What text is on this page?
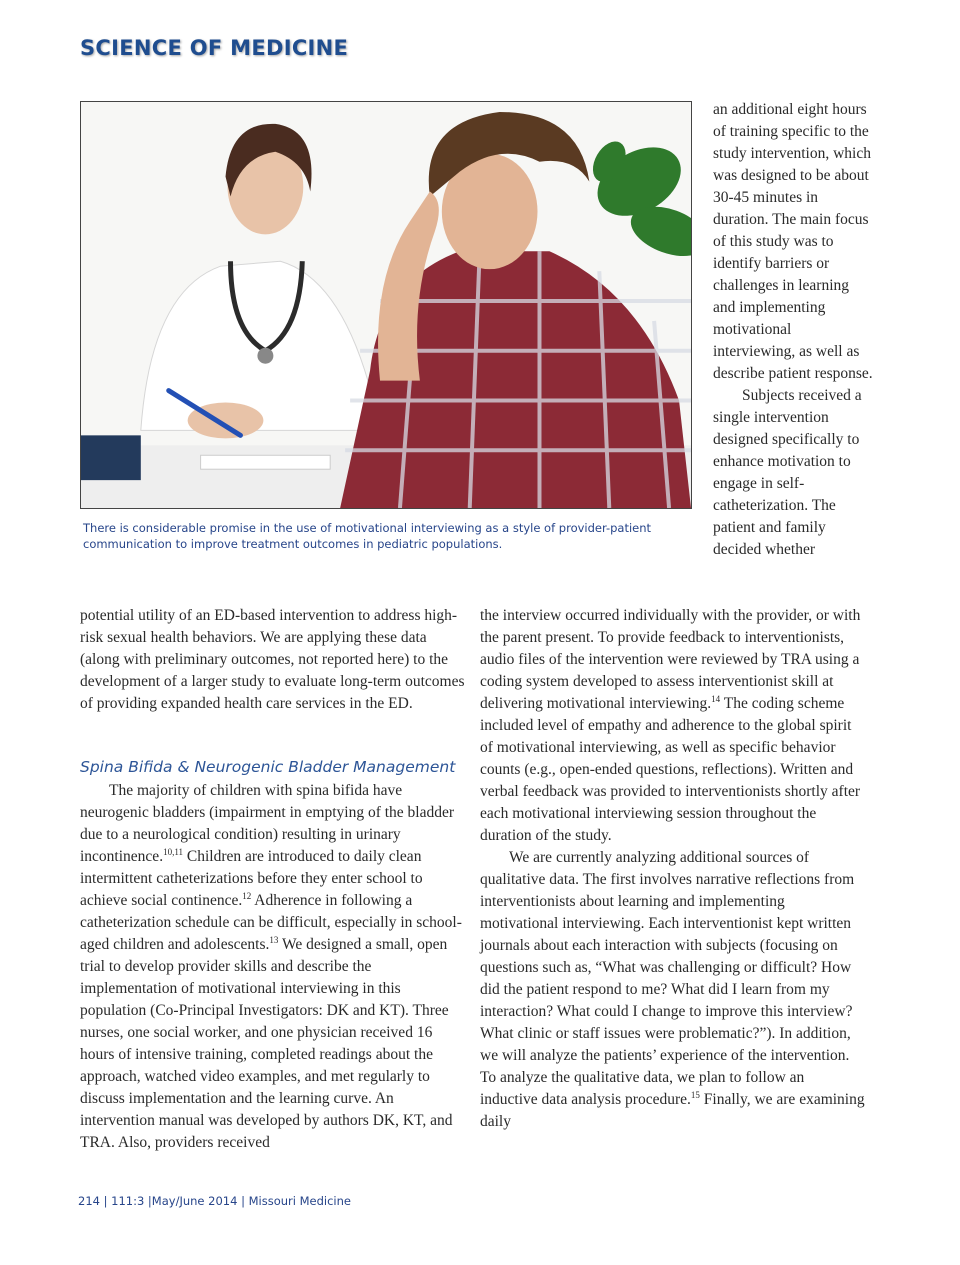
SCIENCE OF MEDICINE

There is considerable promise in the use of motivational interviewing as a style of provider-patient communication to improve treatment outcomes in pediatric populations.

an additional eight hours of training specific to the study intervention, which was designed to be about 30-45 minutes in duration. The main focus of this study was to identify barriers or challenges in learning and implementing motivational interviewing, as well as describe patient response.

Subjects received a single intervention designed specifically to enhance motivation to engage in self-catheterization. The patient and family decided whether

potential utility of an ED-based intervention to address high-risk sexual health behaviors. We are applying these data (along with preliminary outcomes, not reported here) to the development of a larger study to evaluate long-term outcomes of providing expanded health care services in the ED.

Spina Bifida & Neurogenic Bladder Management

The majority of children with spina bifida have neurogenic bladders (impairment in emptying of the bladder due to a neurological condition) resulting in urinary incontinence.$^{10,11}$ Children are introduced to daily clean intermittent catheterizations before they enter school to achieve social continence.$^{12}$ Adherence in following a catheterization schedule can be difficult, especially in school-aged children and adolescents.$^{13}$ We designed a small, open trial to develop provider skills and describe the implementation of motivational interviewing in this population (Co-Principal Investigators: DK and KT). Three nurses, one social worker, and one physician received 16 hours of intensive training, completed readings about the approach, watched video examples, and met regularly to discuss implementation and the learning curve. An intervention manual was developed by authors DK, KT, and TRA. Also, providers received

the interview occurred individually with the provider, or with the parent present. To provide feedback to interventionists, audio files of the intervention were reviewed by TRA using a coding system developed to assess interventionist skill at delivering motivational interviewing.$^{14}$ The coding scheme included level of empathy and adherence to the global spirit of motivational interviewing, as well as specific behavior counts (e.g., open-ended questions, reflections). Written and verbal feedback was provided to interventionists shortly after each motivational interviewing session throughout the duration of the study.

We are currently analyzing additional sources of qualitative data. The first involves narrative reflections from interventionists about learning and implementing motivational interviewing. Each interventionist kept written journals about each interaction with subjects (focusing on questions such as, “What was challenging or difficult? How did the patient respond to me? What did I learn from my interaction? What could I change to improve this interview? What clinic or staff issues were problematic?”). In addition, we will analyze the patients’ experience of the intervention. To analyze the qualitative data, we plan to follow an inductive data analysis procedure.$^{15}$ Finally, we are examining daily

214 | 111:3 |May/June 2014 | Missouri Medicine
